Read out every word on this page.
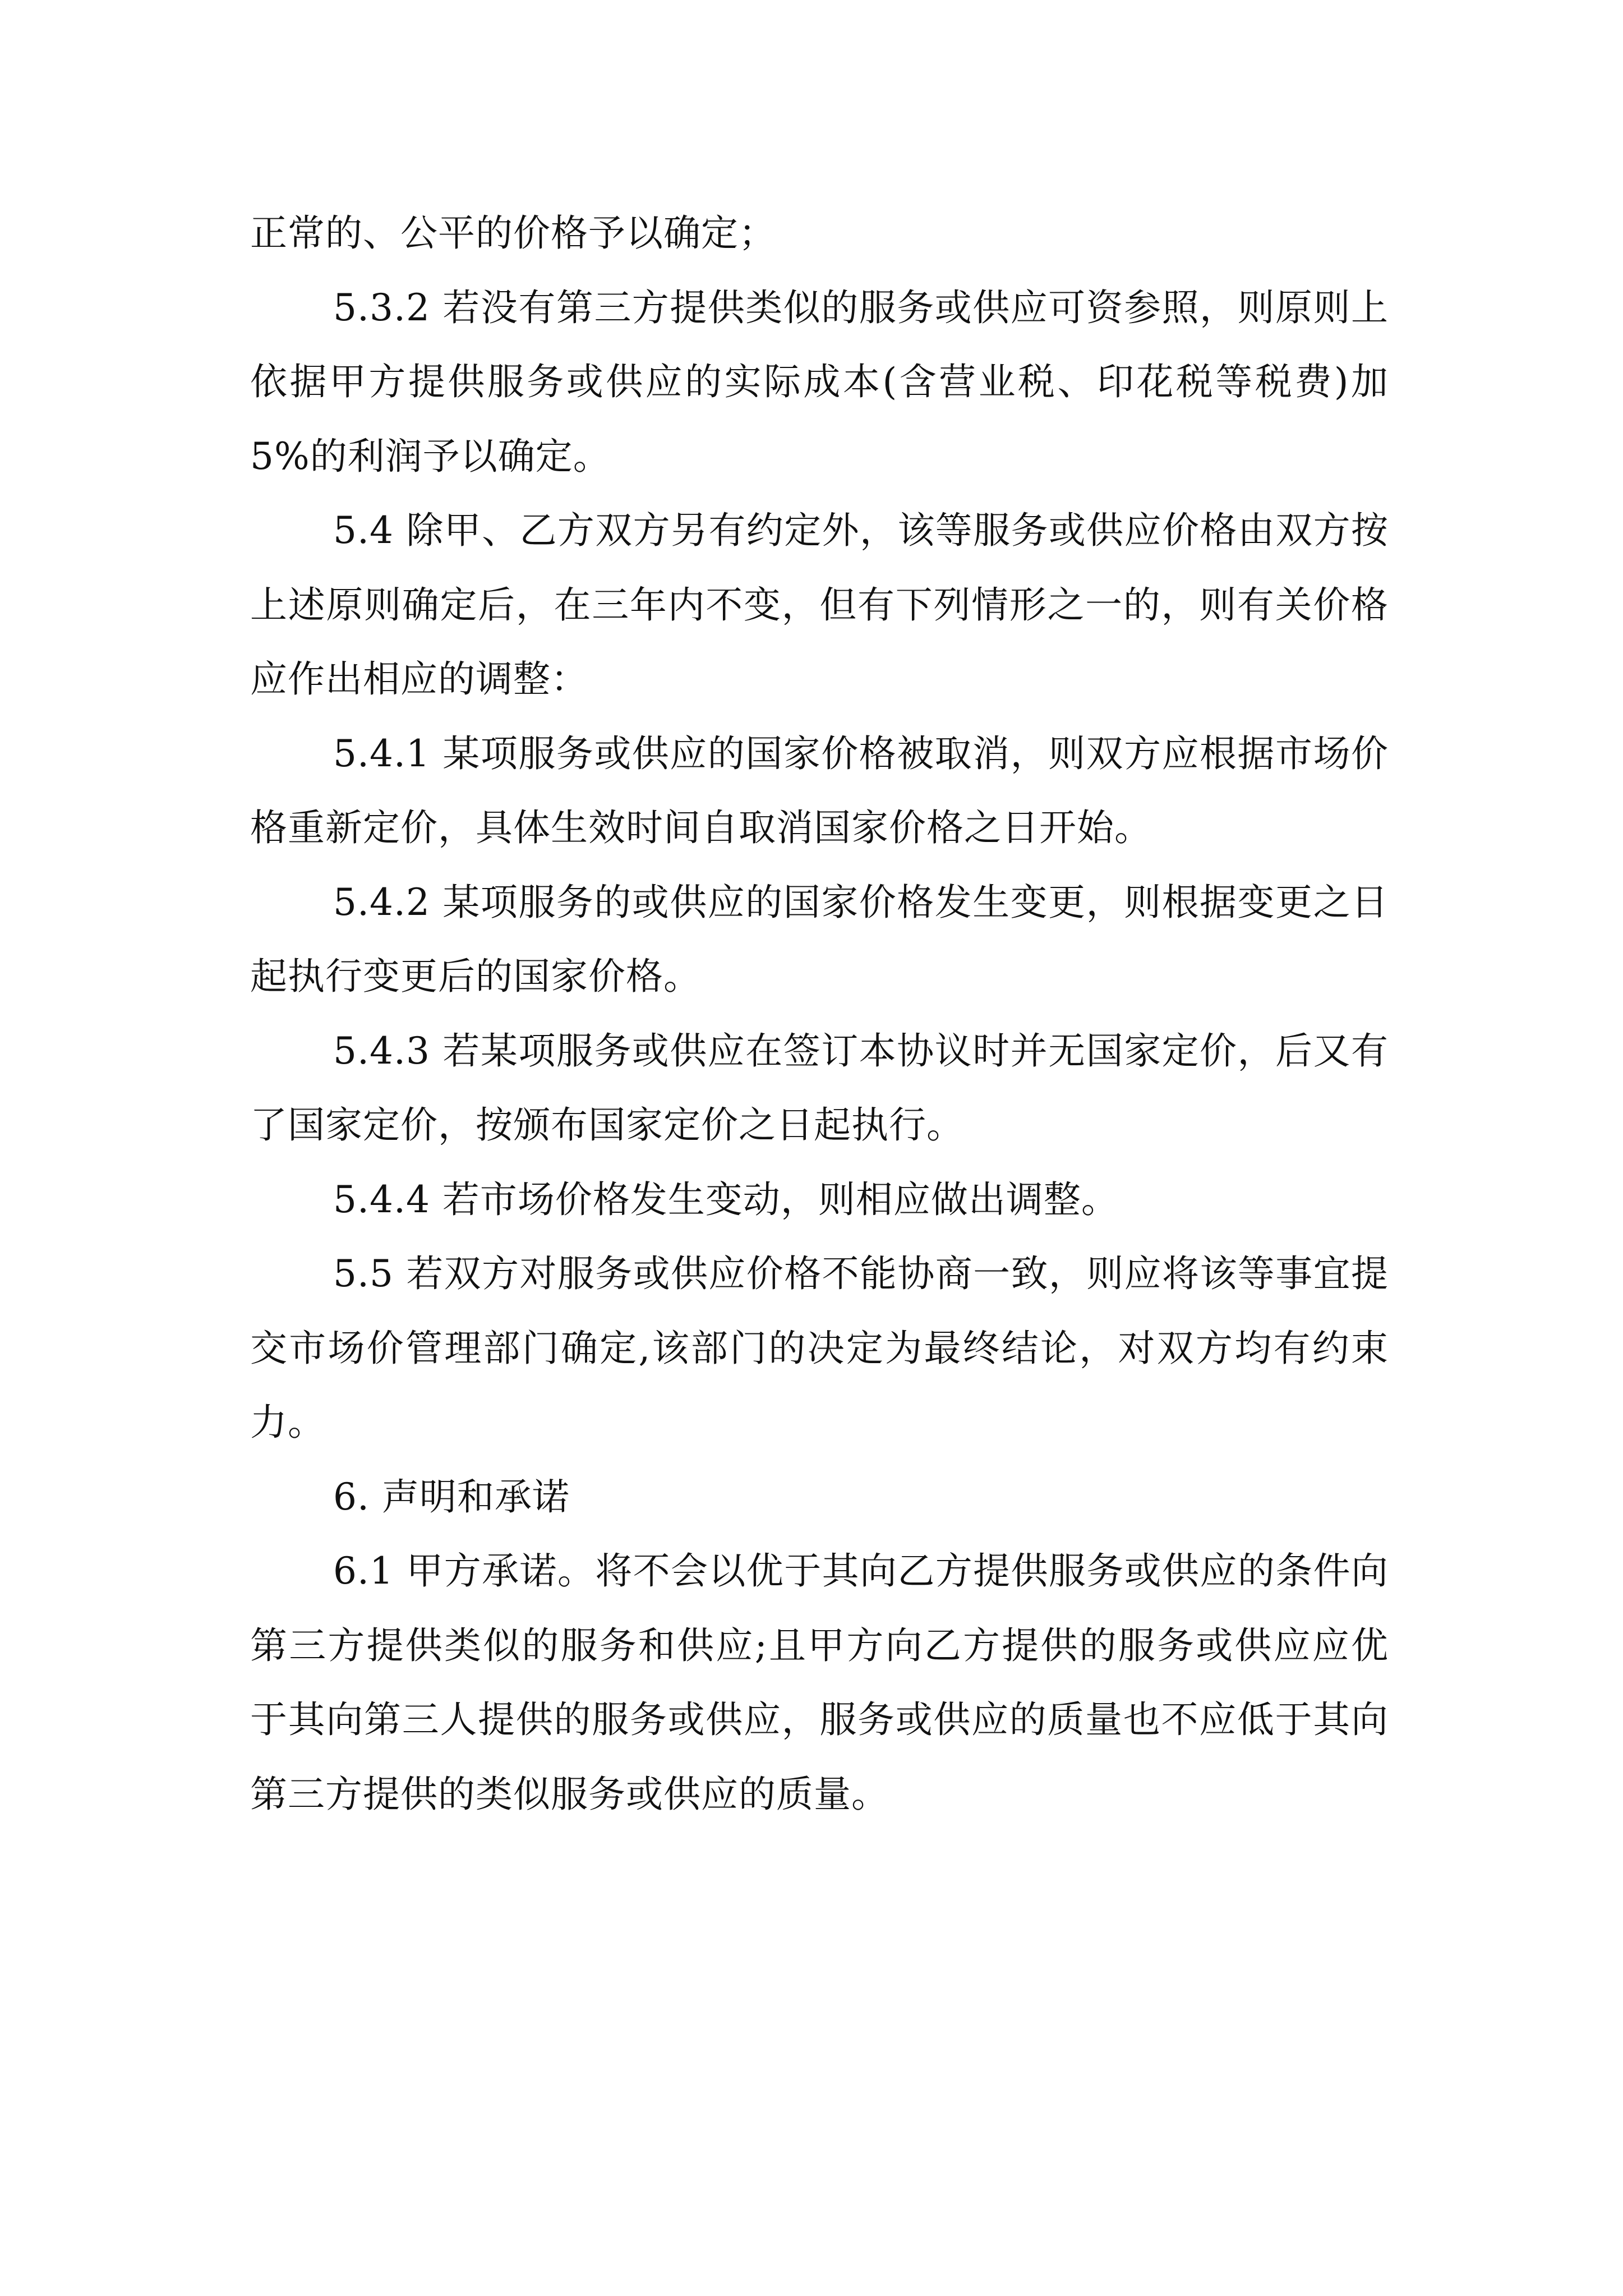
正常的、公平的价格予以确定；

5.3.2 若没有第三方提供类似的服务或供应可资参照，则原则上依据甲方提供服务或供应的实际成本(含营业税、印花税等税费)加 5%的利润予以确定。

5.4 除甲、乙方双方另有约定外，该等服务或供应价格由双方按上述原则确定后，在三年内不变，但有下列情形之一的，则有关价格应作出相应的调整：

5.4.1 某项服务或供应的国家价格被取消，则双方应根据市场价格重新定价，具体生效时间自取消国家价格之日开始。

5.4.2 某项服务的或供应的国家价格发生变更，则根据变更之日起执行变更后的国家价格。

5.4.3 若某项服务或供应在签订本协议时并无国家定价，后又有了国家定价，按颁布国家定价之日起执行。

5.4.4 若市场价格发生变动，则相应做出调整。

5.5 若双方对服务或供应价格不能协商一致，则应将该等事宜提交市场价管理部门确定,该部门的决定为最终结论，对双方均有约束力。

6. 声明和承诺

6.1 甲方承诺。将不会以优于其向乙方提供服务或供应的条件向第三方提供类似的服务和供应;且甲方向乙方提供的服务或供应应优于其向第三人提供的服务或供应，服务或供应的质量也不应低于其向第三方提供的类似服务或供应的质量。
